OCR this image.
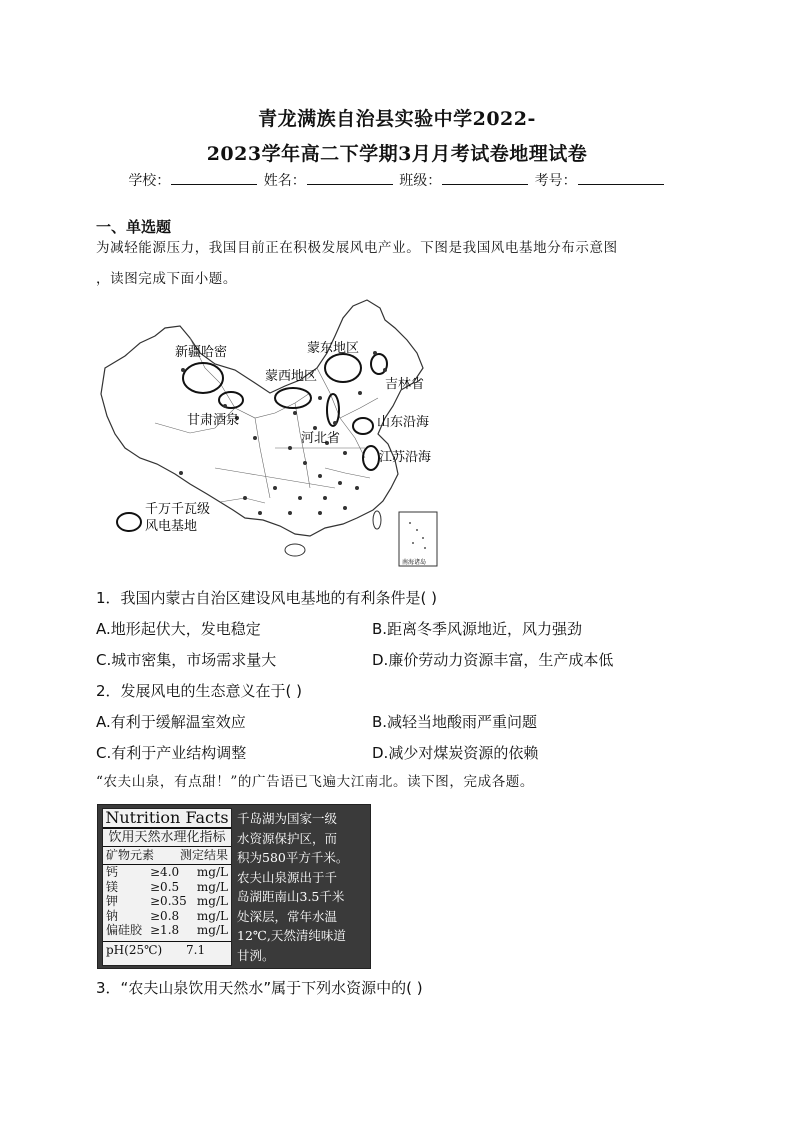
青龙满族自治县实验中学2022-
2023学年高二下学期3月月考试卷地理试卷
学校：	姓名：	班级：	考号：
一、单选题
为减轻能源压力，我国目前正在积极发展风电产业。下图是我国风电基地分布示意图
，读图完成下面小题。
新疆哈密	蒙东地区
蒙西地区
吉林省
甘肃酒泉	山东沿海
河北省
江苏沿海
千万千瓦级
风电基地
南海诸岛
1．我国内蒙古自治区建设风电基地的有利条件是( )
A.地形起伏大，发电稳定	B.距离冬季风源地近，风力强劲
C.城市密集，市场需求量大	D.廉价劳动力资源丰富，生产成本低
2．发展风电的生态意义在于( )
A.有利于缓解温室效应	B.减轻当地酸雨严重问题
C.有利于产业结构调整	D.减少对煤炭资源的依赖
“农夫山泉，有点甜！”的广告语已飞遍大江南北。读下图，完成各题。
Nutrition Facts
饮用天然水理化指标
矿物元素 测定结果
钙	≥4.0	mg/L
镁	≥0.5	mg/L
钾	≥0.35 mg/L
钠	≥0.8	mg/L
偏硅胶 ≥1.8	mg/L
pH(25℃)	7.1
千岛湖为国家一级
水资源保护区，而
积为580平方千米。
农夫山泉源出于千
岛湖距南山3.5千米
处深层，常年水温
12℃,天然清纯味道
甘洌。
3．“农夫山泉饮用天然水”属于下列水资源中的( )
